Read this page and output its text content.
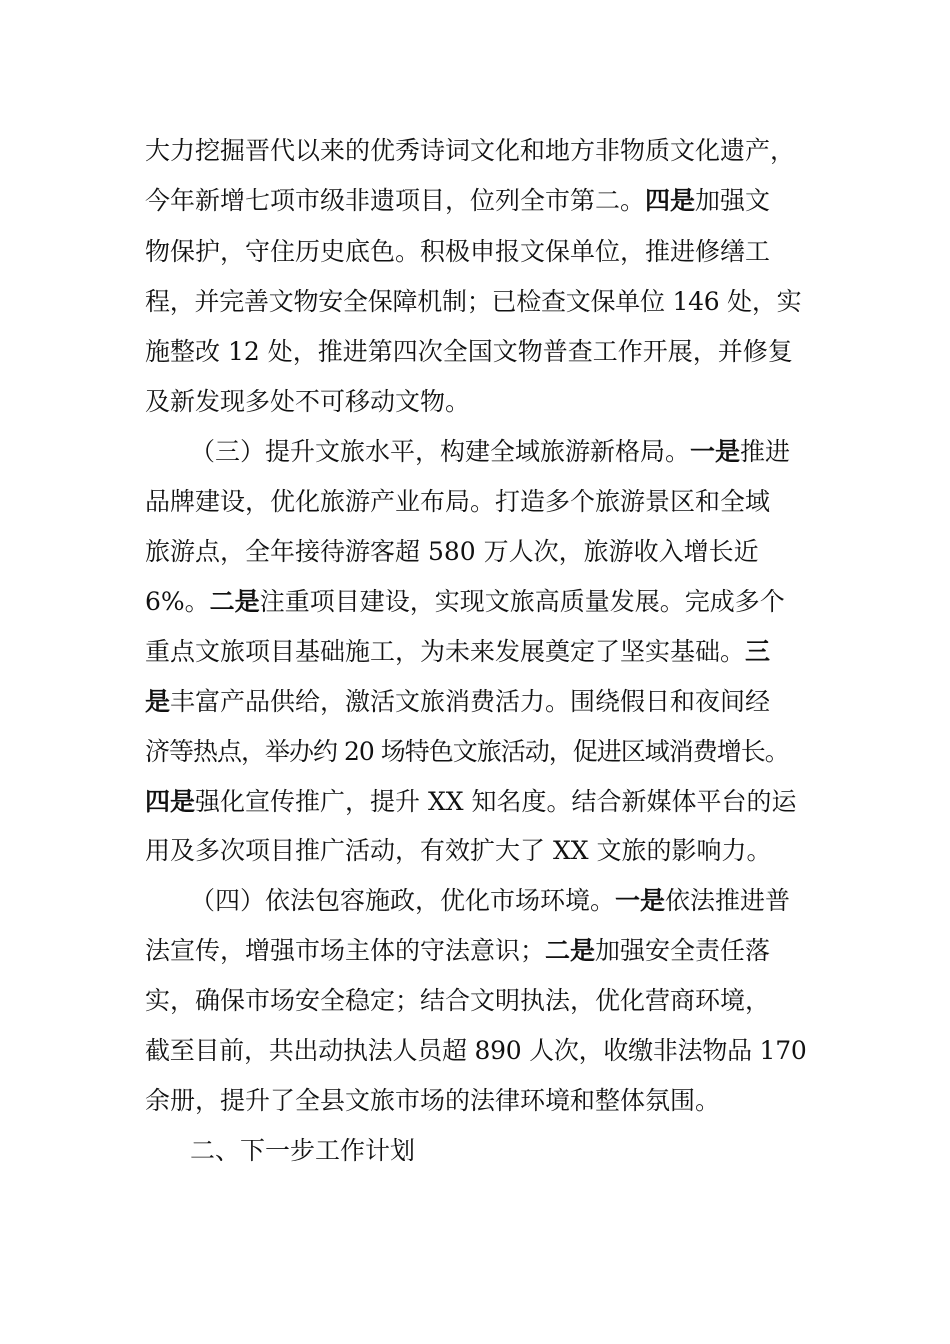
大力挖掘晋代以来的优秀诗词文化和地方非物质文化遗产，
今年新增七项市级非遗项目，位列全市第二。四是加强文
物保护，守住历史底色。积极申报文保单位，推进修缮工
程，并完善文物安全保障机制；已检查文保单位 146 处，实
施整改 12 处，推进第四次全国文物普查工作开展，并修复
及新发现多处不可移动文物。
（三）提升文旅水平，构建全域旅游新格局。一是推进
品牌建设，优化旅游产业布局。打造多个旅游景区和全域
旅游点，全年接待游客超 580 万人次，旅游收入增长近
6%。二是注重项目建设，实现文旅高质量发展。完成多个
重点文旅项目基础施工，为未来发展奠定了坚实基础。三
是丰富产品供给，激活文旅消费活力。围绕假日和夜间经
济等热点，举办约 20 场特色文旅活动，促进区域消费增长。
四是强化宣传推广，提升 XX 知名度。结合新媒体平台的运
用及多次项目推广活动，有效扩大了 XX 文旅的影响力。
（四）依法包容施政，优化市场环境。一是依法推进普
法宣传，增强市场主体的守法意识；二是加强安全责任落
实，确保市场安全稳定；结合文明执法，优化营商环境，
截至目前，共出动执法人员超 890 人次，收缴非法物品 170
余册，提升了全县文旅市场的法律环境和整体氛围。
二、下一步工作计划
